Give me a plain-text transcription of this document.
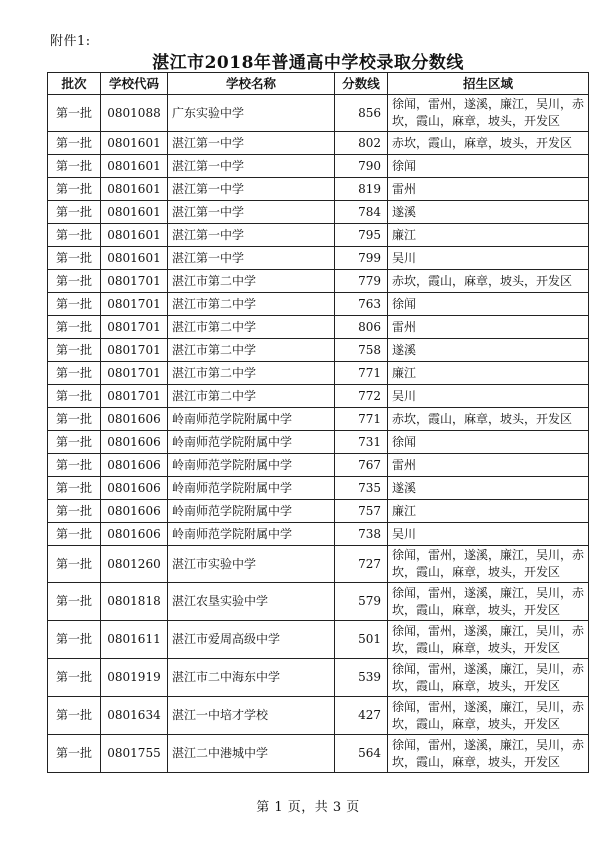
附件1:
湛江市2018年普通高中学校录取分数线
批次	学校代码	学校名称	分数线	招生区域
第一批	0801088	广东实验中学	856	徐闻，雷州，遂溪，廉江，吴川，赤坎，霞山，麻章，坡头，开发区
第一批	0801601	湛江第一中学	802	赤坎，霞山，麻章，坡头，开发区
第一批	0801601	湛江第一中学	790	徐闻
第一批	0801601	湛江第一中学	819	雷州
第一批	0801601	湛江第一中学	784	遂溪
第一批	0801601	湛江第一中学	795	廉江
第一批	0801601	湛江第一中学	799	吴川
第一批	0801701	湛江市第二中学	779	赤坎，霞山，麻章，坡头，开发区
第一批	0801701	湛江市第二中学	763	徐闻
第一批	0801701	湛江市第二中学	806	雷州
第一批	0801701	湛江市第二中学	758	遂溪
第一批	0801701	湛江市第二中学	771	廉江
第一批	0801701	湛江市第二中学	772	吴川
第一批	0801606	岭南师范学院附属中学	771	赤坎，霞山，麻章，坡头，开发区
第一批	0801606	岭南师范学院附属中学	731	徐闻
第一批	0801606	岭南师范学院附属中学	767	雷州
第一批	0801606	岭南师范学院附属中学	735	遂溪
第一批	0801606	岭南师范学院附属中学	757	廉江
第一批	0801606	岭南师范学院附属中学	738	吴川
第一批	0801260	湛江市实验中学	727	徐闻，雷州，遂溪，廉江，吴川，赤坎，霞山，麻章，坡头，开发区
第一批	0801818	湛江农垦实验中学	579	徐闻，雷州，遂溪，廉江，吴川，赤坎，霞山，麻章，坡头，开发区
第一批	0801611	湛江市爱周高级中学	501	徐闻，雷州，遂溪，廉江，吴川，赤坎，霞山，麻章，坡头，开发区
第一批	0801919	湛江市二中海东中学	539	徐闻，雷州，遂溪，廉江，吴川，赤坎，霞山，麻章，坡头，开发区
第一批	0801634	湛江一中培才学校	427	徐闻，雷州，遂溪，廉江，吴川，赤坎，霞山，麻章，坡头，开发区
第一批	0801755	湛江二中港城中学	564	徐闻，雷州，遂溪，廉江，吴川，赤坎，霞山，麻章，坡头，开发区
第 1 页，共 3 页
